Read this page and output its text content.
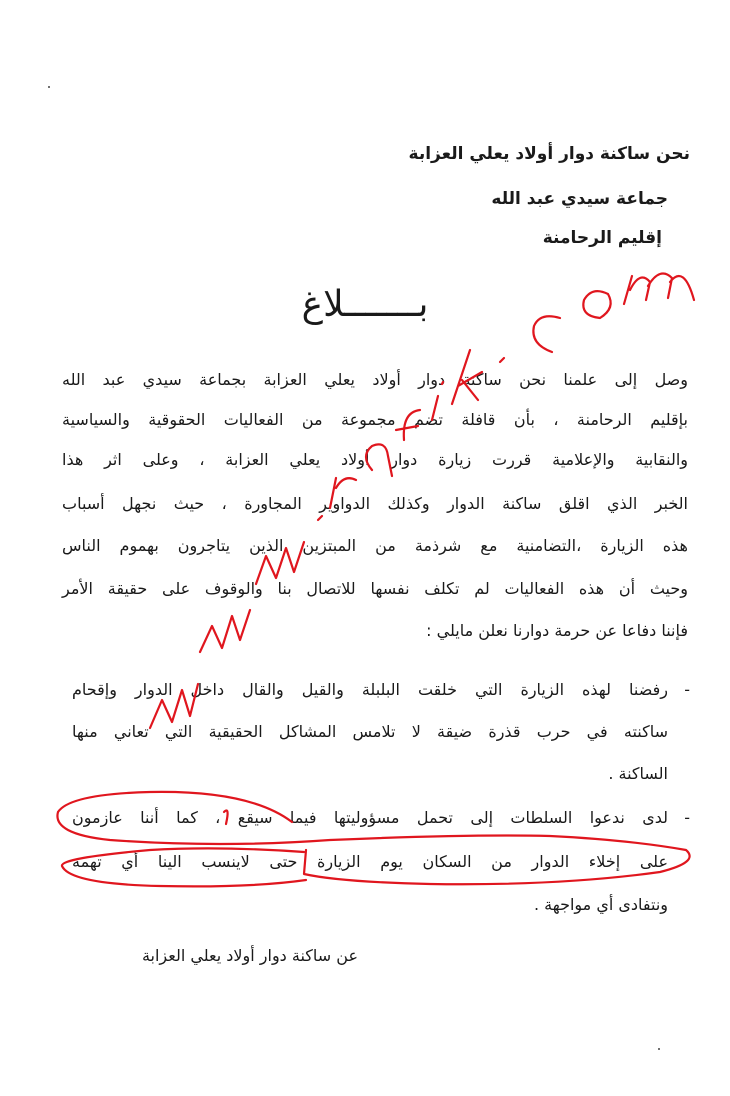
نحن ساكنة دوار أولاد يعلي العزابة
جماعة سيدي عبد الله
إقليم الرحامنة
بـــــــلاغ
وصل إلى علمنا نحن ساكنة دوار أولاد يعلي العزابة بجماعة سيدي عبد الله
بإقليم الرحامنة ، بأن قافلة تضم مجموعة من الفعاليات الحقوقية والسياسية
والنقابية والإعلامية قررت زيارة دوار أولاد يعلي العزابة ، وعلى اثر هذا
الخبر الذي اقلق ساكنة الدوار وكذلك الدواوير المجاورة ، حيث نجهل أسباب
هذه الزيارة ،التضامنية مع شرذمة من المبتزين الذين يتاجرون بهموم الناس
وحيث أن هذه الفعاليات لم تكلف نفسها للاتصال بنا والوقوف على حقيقة الأمر
فإننا دفاعا عن حرمة دوارنا نعلن مايلي :
-
رفضنا لهذه الزيارة التي خلقت البلبلة والقيل والقال داخل الدوار وإقحام
ساكنته في حرب قذرة ضيقة لا تلامس المشاكل الحقيقية التي تعاني منها
الساكنة .
-
لدى ندعوا السلطات إلى تحمل مسؤوليتها فيما سيقع ، كما أننا عازمون
على إخلاء الدوار من السكان يوم الزيارة حتى لاينسب الينا أي تهمة
ونتفادى أي مواجهة .
عن ساكنة دوار أولاد يعلي العزابة
